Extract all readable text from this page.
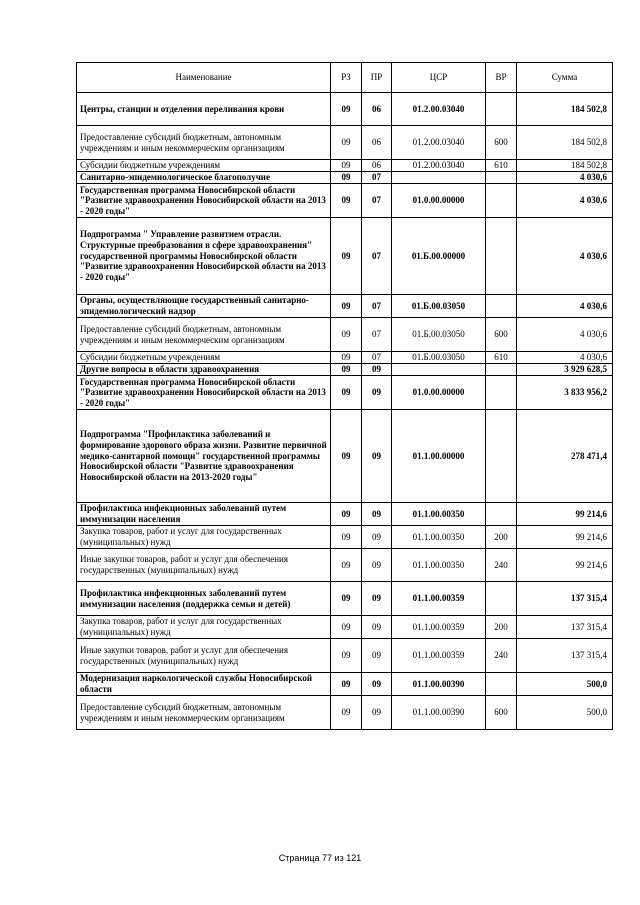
Наименование	РЗ	ПР	ЦСР	ВР	Сумма
Центры, станции и отделения переливания крови	09	06	01.2.00.03040		184 502,8
Предоставление субсидий бюджетным, автономным учреждениям и иным некоммерческим организациям	09	06	01.2.00.03040	600	184 502,8
Субсидии бюджетным учреждениям	09	06	01.2.00.03040	610	184 502,8
Санитарно-эпидемиологическое благополучие	09	07			4 030,6
Государственная программа Новосибирской области "Развитие здравоохранения Новосибирской области на 2013 - 2020 годы"	09	07	01.0.00.00000		4 030,6
Подпрограмма " Управление развитием отрасли. Структурные преобразования в сфере здравоохранения" государственной программы Новосибирской области "Развитие здравоохранения Новосибирской области на 2013 - 2020 годы"	09	07	01.Б.00.00000		4 030,6
Органы, осуществляющие государственный санитарно-эпидемиологический надзор	09	07	01.Б.00.03050		4 030,6
Предоставление субсидий бюджетным, автономным учреждениям и иным некоммерческим организациям	09	07	01.Б.00.03050	600	4 030,6
Субсидии бюджетным учреждениям	09	07	01.Б.00.03050	610	4 030,6
Другие вопросы в области здравоохранения	09	09			3 929 628,5
Государственная программа Новосибирской области "Развитие здравоохранения Новосибирской области на 2013 - 2020 годы"	09	09	01.0.00.00000		3 833 956,2
Подпрограмма "Профилактика заболеваний и формирование здорового образа жизни. Развитие первичной медико-санитарной помощи" государственной программы Новосибирской области "Развитие здравоохранения Новосибирской области на 2013-2020 годы"	09	09	01.1.00.00000		278 471,4
Профилактика инфекционных заболеваний путем иммунизации населения	09	09	01.1.00.00350		99 214,6
Закупка товаров, работ и услуг для государственных (муниципальных) нужд	09	09	01.1.00.00350	200	99 214,6
Иные закупки товаров, работ и услуг для обеспечения государственных (муниципальных) нужд	09	09	01.1.00.00350	240	99 214,6
Профилактика инфекционных заболеваний путем иммунизации населения (поддержка семьи и детей)	09	09	01.1.00.00359		137 315,4
Закупка товаров, работ и услуг для государственных (муниципальных) нужд	09	09	01.1.00.00359	200	137 315,4
Иные закупки товаров, работ и услуг для обеспечения государственных (муниципальных) нужд	09	09	01.1.00.00359	240	137 315,4
Модернизация наркологической службы Новосибирской области	09	09	01.1.00.00390		500,0
Предоставление субсидий бюджетным, автономным учреждениям и иным некоммерческим организациям	09	09	01.1.00.00390	600	500,0
Страница 77 из 121
